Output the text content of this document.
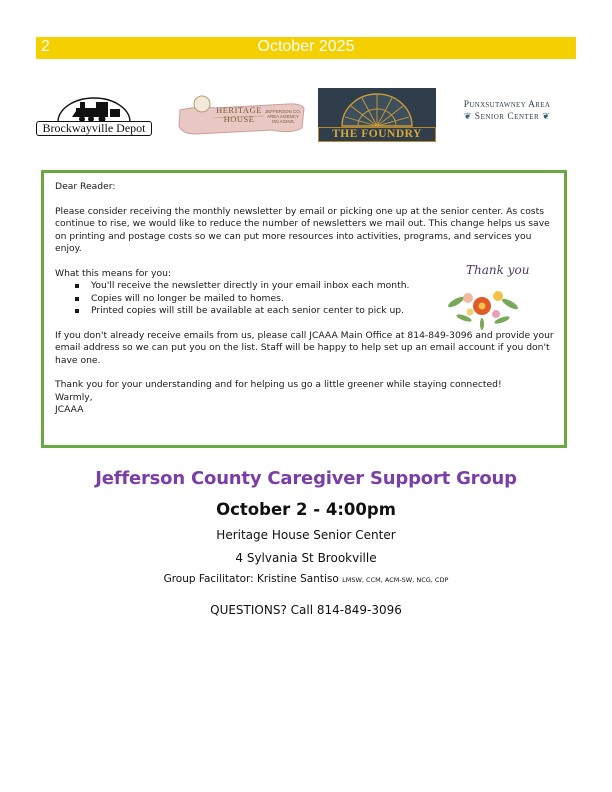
2	October 2025
Brockwayville Depot
HERITAGE HOUSE
JEFFERSON CO. AREA AGENCY ON AGING
THE FOUNDRY
Punxsutawney Area
❦ Senior Center ❦

Dear Reader:

Please consider receiving the monthly newsletter by email or picking one up at the senior center. As costs continue to rise, we would like to reduce the number of newsletters we mail out. This change helps us save on printing and postage costs so we can put more resources into activities, programs, and services you enjoy.

What this means for you:

You'll receive the newsletter directly in your email inbox each month.
Copies will no longer be mailed to homes.
Printed copies will still be available at each senior center to pick up.

If you don't already receive emails from us, please call JCAAA Main Office at 814-849-3096 and provide your email address so we can put you on the list. Staff will be happy to help set up an email account if you don't have one.

Thank you for your understanding and for helping us go a little greener while staying connected!

Warmly,

JCAAA

Thank you
Jefferson County Caregiver Support Group
October 2 - 4:00pm
Heritage House Senior Center
4 Sylvania St Brookville
Group Facilitator: Kristine Santiso LMSW, CCM, ACM-SW, NCG, CDP
QUESTIONS? Call 814-849-3096
